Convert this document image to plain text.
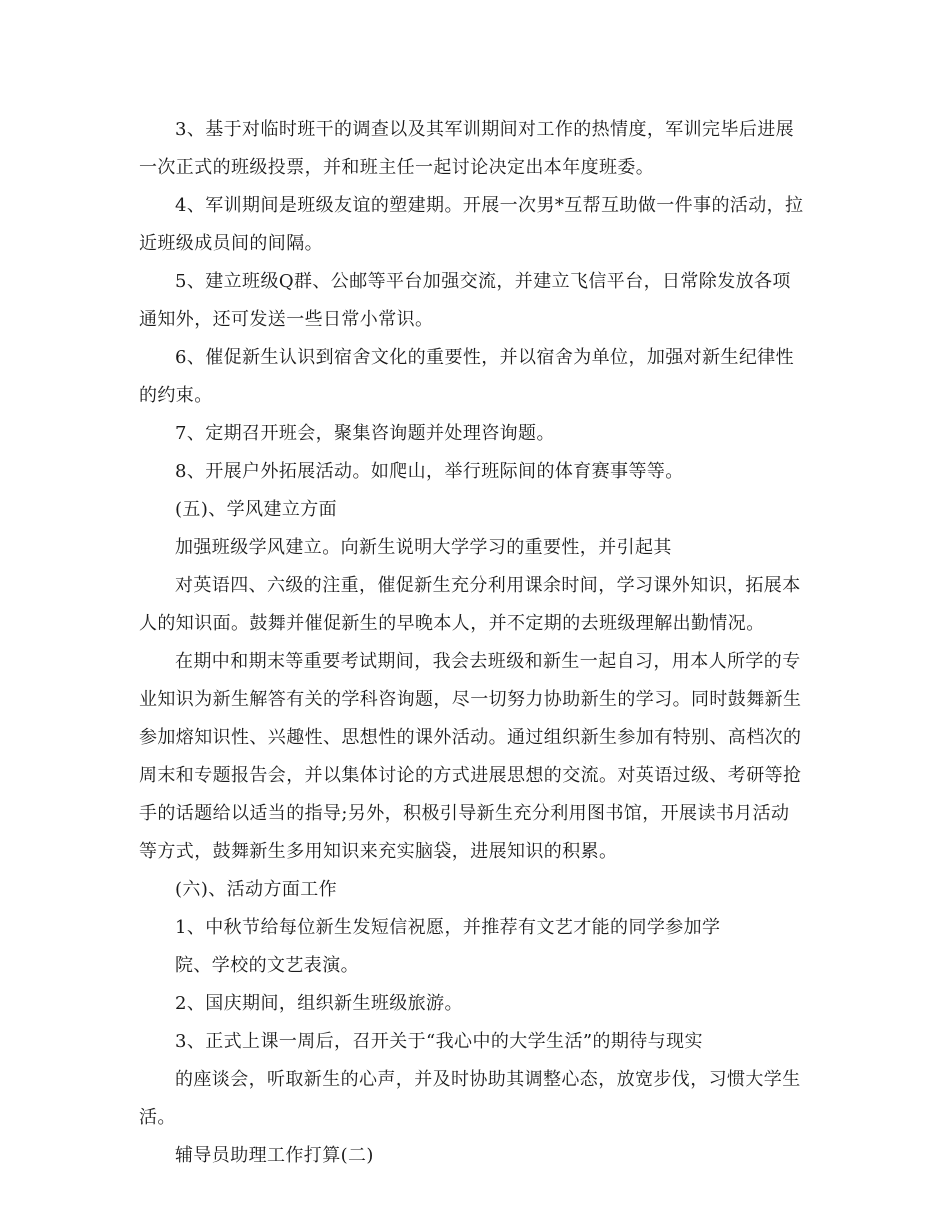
3、基于对临时班干的调查以及其军训期间对工作的热情度，军训完毕后进展
一次正式的班级投票，并和班主任一起讨论决定出本年度班委。
4、军训期间是班级友谊的塑建期。开展一次男*互帮互助做一件事的活动，拉
近班级成员间的间隔。
5、建立班级Q群、公邮等平台加强交流，并建立飞信平台，日常除发放各项
通知外，还可发送一些日常小常识。
6、催促新生认识到宿舍文化的重要性，并以宿舍为单位，加强对新生纪律性
的约束。
7、定期召开班会，聚集咨询题并处理咨询题。
8、开展户外拓展活动。如爬山，举行班际间的体育赛事等等。
(五)、学风建立方面
加强班级学风建立。向新生说明大学学习的重要性，并引起其
对英语四、六级的注重，催促新生充分利用课余时间，学习课外知识，拓展本
人的知识面。鼓舞并催促新生的早晚本人，并不定期的去班级理解出勤情况。
在期中和期末等重要考试期间，我会去班级和新生一起自习，用本人所学的专
业知识为新生解答有关的学科咨询题，尽一切努力协助新生的学习。同时鼓舞新生
参加熔知识性、兴趣性、思想性的课外活动。通过组织新生参加有特别、高档次的
周末和专题报告会，并以集体讨论的方式进展思想的交流。对英语过级、考研等抢
手的话题给以适当的指导;另外，积极引导新生充分利用图书馆，开展读书月活动
等方式，鼓舞新生多用知识来充实脑袋，进展知识的积累。
(六)、活动方面工作
1、中秋节给每位新生发短信祝愿，并推荐有文艺才能的同学参加学
院、学校的文艺表演。
2、国庆期间，组织新生班级旅游。
3、正式上课一周后，召开关于“我心中的大学生活”的期待与现实
的座谈会，听取新生的心声，并及时协助其调整心态，放宽步伐，习惯大学生
活。
辅导员助理工作打算(二)
